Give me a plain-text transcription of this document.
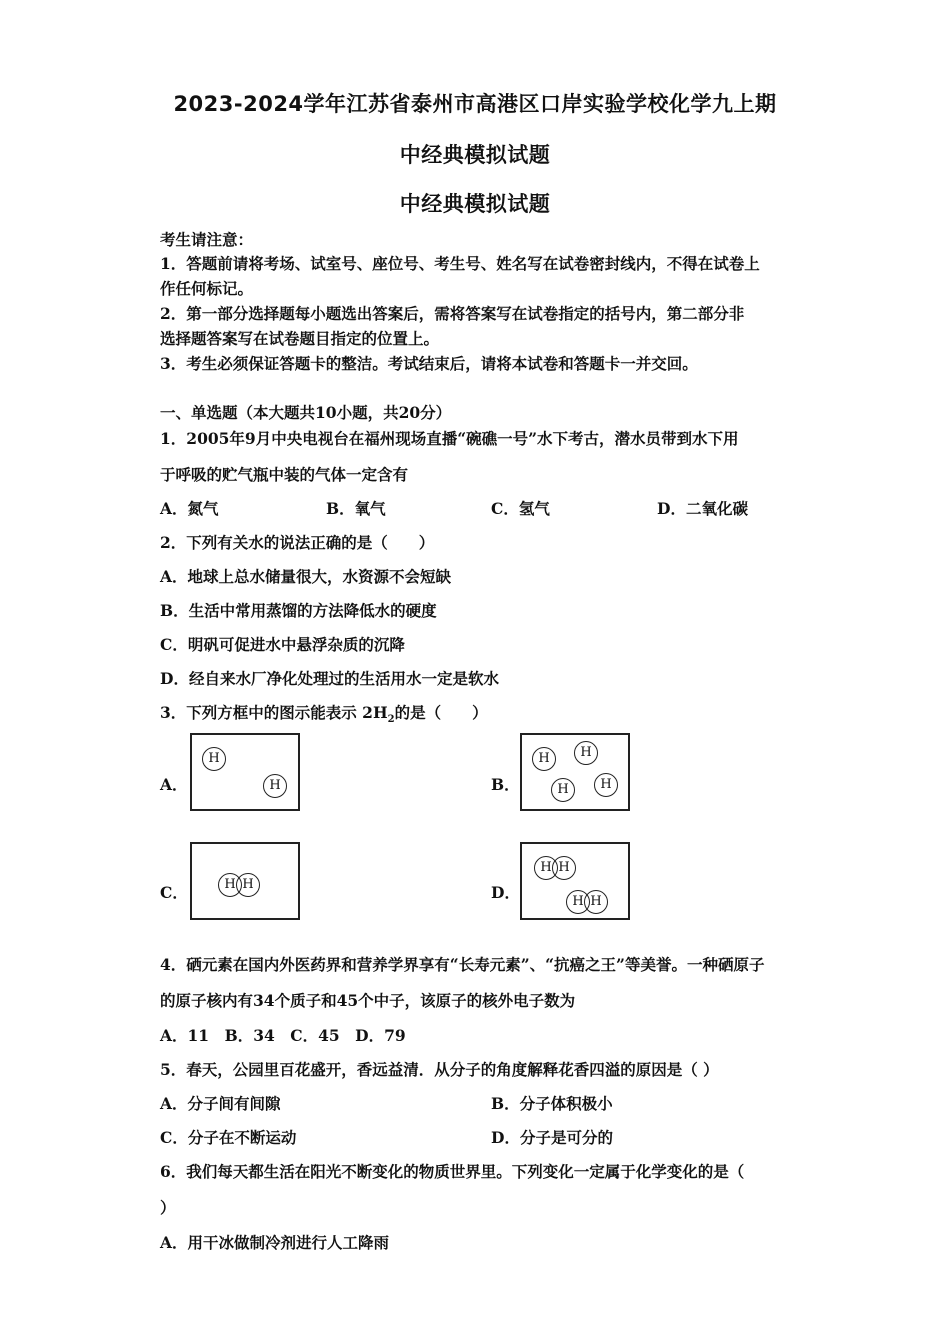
2023-2024学年江苏省泰州市高港区口岸实验学校化学九上期
中经典模拟试题
中经典模拟试题
考生请注意：
1．答题前请将考场、试室号、座位号、考生号、姓名写在试卷密封线内，不得在试卷上
作任何标记。
2．第一部分选择题每小题选出答案后，需将答案写在试卷指定的括号内，第二部分非
选择题答案写在试卷题目指定的位置上。
3．考生必须保证答题卡的整洁。考试结束后，请将本试卷和答题卡一并交回。
一、单选题（本大题共10小题，共20分）
1．2005年9月中央电视台在福州现场直播“碗礁一号”水下考古，潜水员带到水下用
于呼吸的贮气瓶中装的气体一定含有
A．氮气	B．氧气	C．氢气	D．二氧化碳
2．下列有关水的说法正确的是（　　）
A．地球上总水储量很大，水资源不会短缺
B．生活中常用蒸馏的方法降低水的硬度
C．明矾可促进水中悬浮杂质的沉降
D．经自来水厂净化处理过的生活用水一定是软水
3．下列方框中的图示能表示 $2H_2$的是（　　）
A．
H
H	B．
H	H
H	H
C．	H H	D．
H H
H H
4．硒元素在国内外医药界和营养学界享有“长寿元素”、“抗癌之王”等美誉。一种硒原子
的原子核内有34个质子和45个中子，该原子的核外电子数为
A．11　B．34　C．45　D．79
5．春天，公园里百花盛开，香远益清．从分子的角度解释花香四溢的原因是（ ）
A．分子间有间隙	B．分子体积极小
C．分子在不断运动	D．分子是可分的
6．我们每天都生活在阳光不断变化的物质世界里。下列变化一定属于化学变化的是（
）
A．用干冰做制冷剂进行人工降雨
